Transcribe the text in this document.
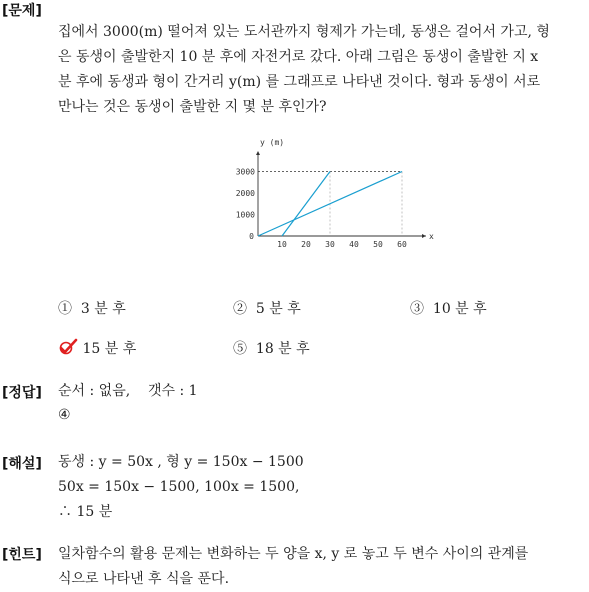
[문제]
집에서 3000(m) 떨어져 있는 도서관까지 형제가 가는데, 동생은 걸어서 가고, 형
은 동생이 출발한지 10 분 후에 자전거로 갔다. 아래 그림은 동생이 출발한 지 x
분 후에 동생과 형이 간거리 y(m) 를 그래프로 나타낸 것이다. 형과 동생이 서로
만나는 것은 동생이 출발한 지 몇 분 후인가?
y (m)
x
0
10 20 30 40 50 60
1000
2000
3000
① 3 분 후	② 5 분 후	③ 10 분 후
15 분 후	⑤ 18 분 후
[정답] 순서 : 없음,    갯수 : 1
④
[해설] 동생 : y = 50x , 형 y = 150x − 1500
50x = 150x − 1500, 100x = 1500,
∴ 15 분
[힌트] 일차함수의 활용 문제는 변화하는 두 양을 x, y 로 놓고 두 변수 사이의 관계를
식으로 나타낸 후 식을 푼다.
